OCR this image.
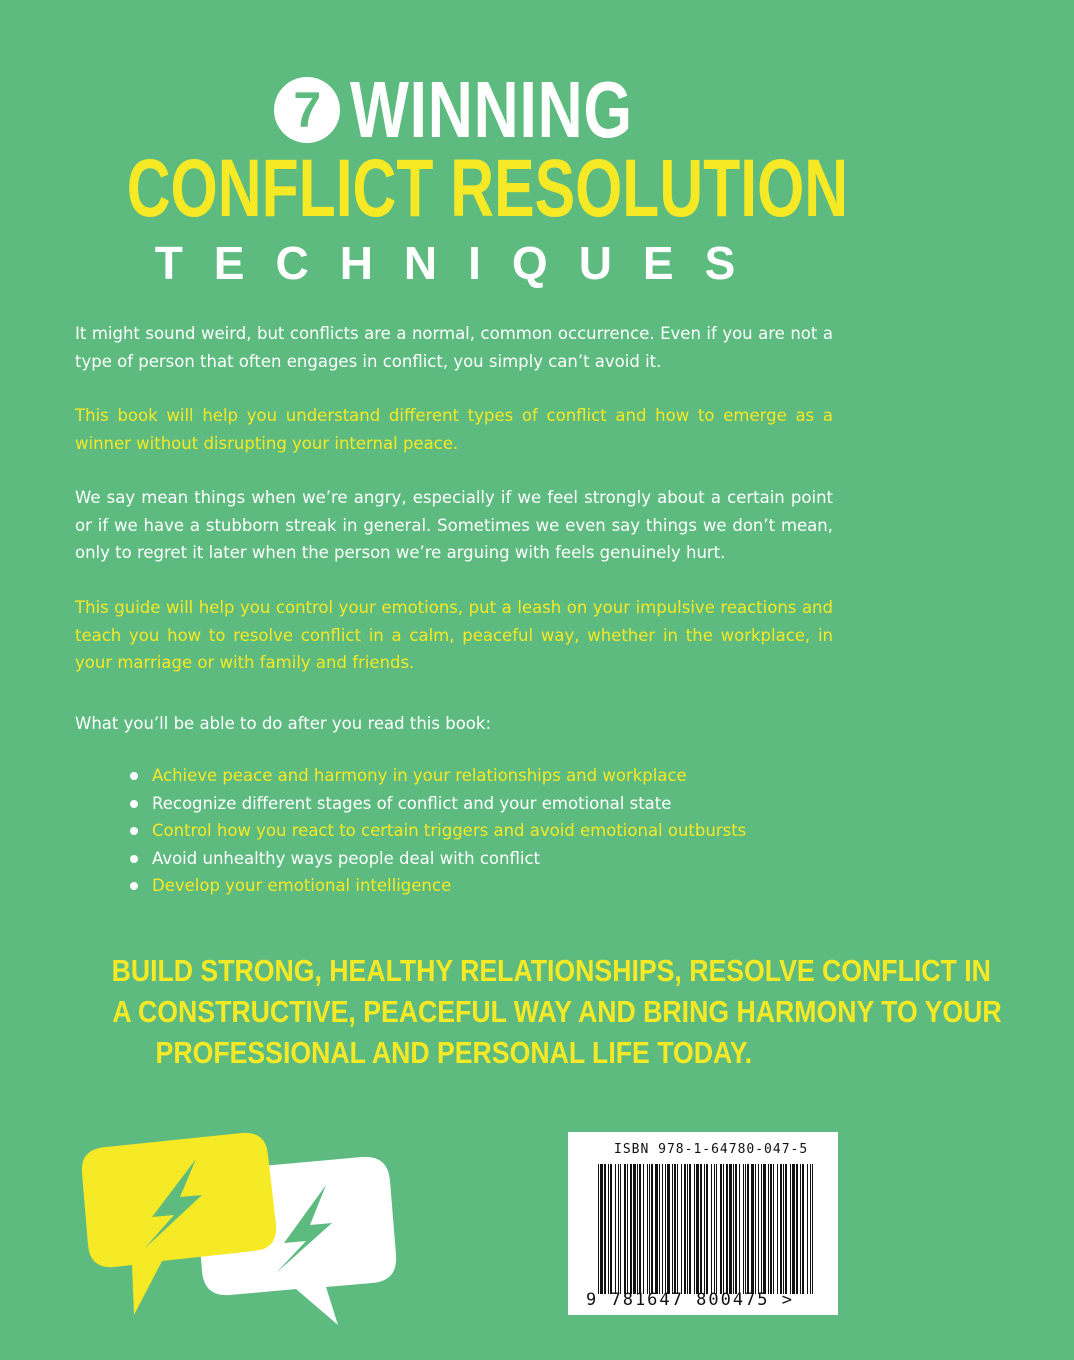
7 WINNING
CONFLICT RESOLUTION
TECHNIQUES

It might sound weird, but conflicts are a normal, common occurrence. Even if you are not a type of person that often engages in conflict, you simply can’t avoid it.

This book will help you understand different types of conflict and how to emerge as a winner without disrupting your internal peace.

We say mean things when we’re angry, especially if we feel strongly about a certain point or if we have a stubborn streak in general. Sometimes we even say things we don’t mean, only to regret it later when the person we’re arguing with feels genuinely hurt.

This guide will help you control your emotions, put a leash on your impulsive reactions and teach you how to resolve conflict in a calm, peaceful way, whether in the workplace, in your marriage or with family and friends.

What you’ll be able to do after you read this book:

Achieve peace and harmony in your relationships and workplace
Recognize different stages of conflict and your emotional state
Control how you react to certain triggers and avoid emotional outbursts
Avoid unhealthy ways people deal with conflict
Develop your emotional intelligence
BUILD STRONG, HEALTHY RELATIONSHIPS, RESOLVE CONFLICT IN
A CONSTRUCTIVE, PEACEFUL WAY AND BRING HARMONY TO YOUR
PROFESSIONAL AND PERSONAL LIFE TODAY.
ISBN 978-1-64780-047-5
9 781647 800475 >
